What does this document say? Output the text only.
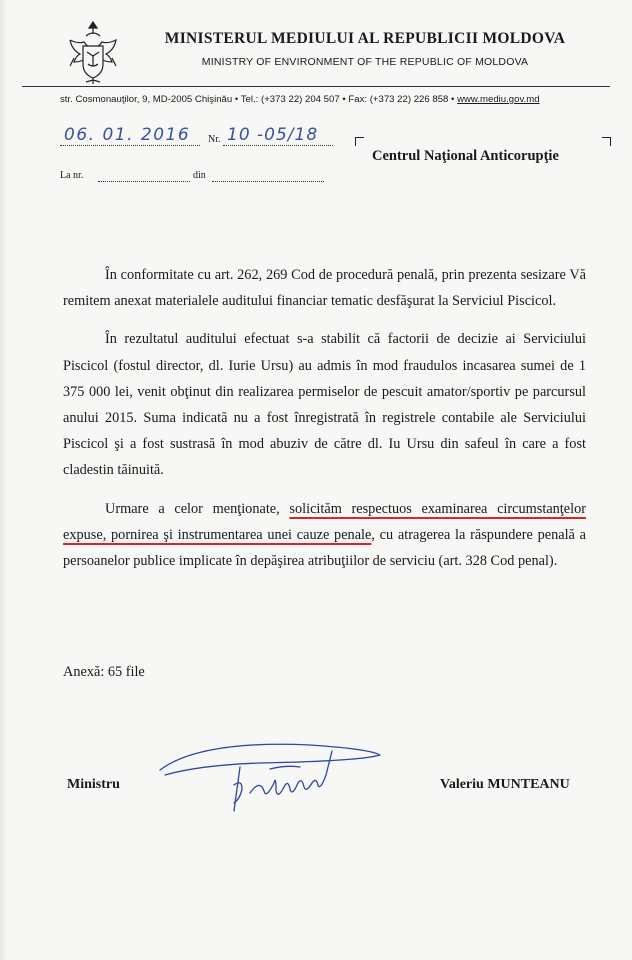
MINISTERUL MEDIULUI AL REPUBLICII MOLDOVA
MINISTRY OF ENVIRONMENT OF THE REPUBLIC OF MOLDOVA
str. Cosmonauţilor, 9, MD-2005 Chişinău • Tel.: (+373 22) 204 507 • Fax: (+373 22) 226 858 • www.mediu.gov.md
06. 01. 2016 Nr. 10 -05/18
La nr.	din
Centrul Naţional Anticorupţie

În conformitate cu art. 262, 269 Cod de procedură penală, prin prezenta sesizare Vă remitem anexat materialele auditului financiar tematic desfăşurat la Serviciul Piscicol.

În rezultatul auditului efectuat s-a stabilit că factorii de decizie ai Serviciului Piscicol (fostul director, dl. Iurie Ursu) au admis în mod fraudulos incasarea sumei de 1 375 000 lei, venit obţinut din realizarea permiselor de pescuit amator/sportiv pe parcursul anului 2015. Suma indicată nu a fost înregistrată în registrele contabile ale Serviciului Piscicol şi a fost sustrasă în mod abuziv de către dl. Iu Ursu din safeul în care a fost cladestin tăinuită.

Urmare a celor menţionate, solicităm respectuos examinarea circumstanţelor expuse, pornirea şi instrumentarea unei cauze penale, cu atragerea la răspundere penală a persoanelor publice implicate în depăşirea atribuţiilor de serviciu (art. 328 Cod penal).

Anexă: 65 file
Ministru	Valeriu MUNTEANU
